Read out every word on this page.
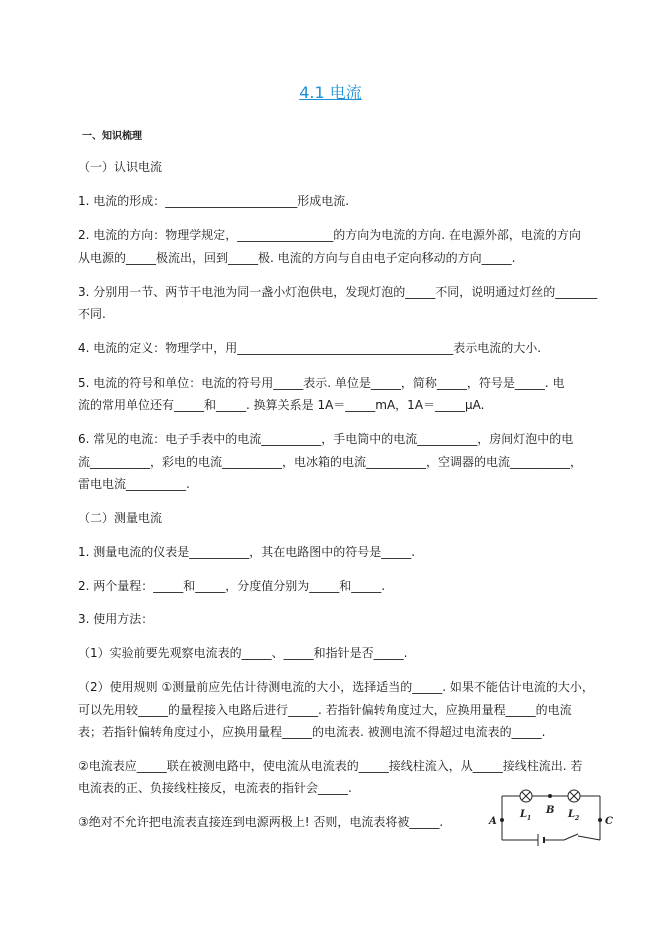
4.1 电流
一、知识梳理
（一）认识电流
1. 电流的形成：______________________形成电流.
2. 电流的方向：物理学规定，________________的方向为电流的方向. 在电源外部，电流的方向
从电源的_____极流出，回到_____极. 电流的方向与自由电子定向移动的方向_____.
3. 分别用一节、两节干电池为同一盏小灯泡供电，发现灯泡的_____不同，说明通过灯丝的_______
不同.
4. 电流的定义：物理学中，用____________________________________表示电流的大小.
5. 电流的符号和单位：电流的符号用_____表示. 单位是_____，简称_____，符号是_____. 电
流的常用单位还有_____和_____. 换算关系是 1A＝_____mA，1A＝_____μA.
6. 常见的电流：电子手表中的电流__________，手电筒中的电流__________，房间灯泡中的电
流__________，彩电的电流__________，电冰箱的电流__________，空调器的电流__________，
雷电电流__________.
（二）测量电流
1. 测量电流的仪表是__________，其在电路图中的符号是_____.
2. 两个量程：_____和_____，分度值分别为_____和_____.
3. 使用方法：
（1）实验前要先观察电流表的_____、_____和指针是否_____.
（2）使用规则 ①测量前应先估计待测电流的大小，选择适当的_____. 如果不能估计电流的大小，
可以先用较_____的量程接入电路后进行_____. 若指针偏转角度过大，应换用量程_____的电流
表；若指针偏转角度过小，应换用量程_____的电流表. 被测电流不得超过电流表的_____.
②电流表应_____联在被测电路中，使电流从电流表的_____接线柱流入，从_____接线柱流出. 若
电流表的正、负接线柱接反，电流表的指针会_____.
③绝对不允许把电流表直接连到电源两极上! 否则，电流表将被_____.	A
B
C
L 1	L 2
